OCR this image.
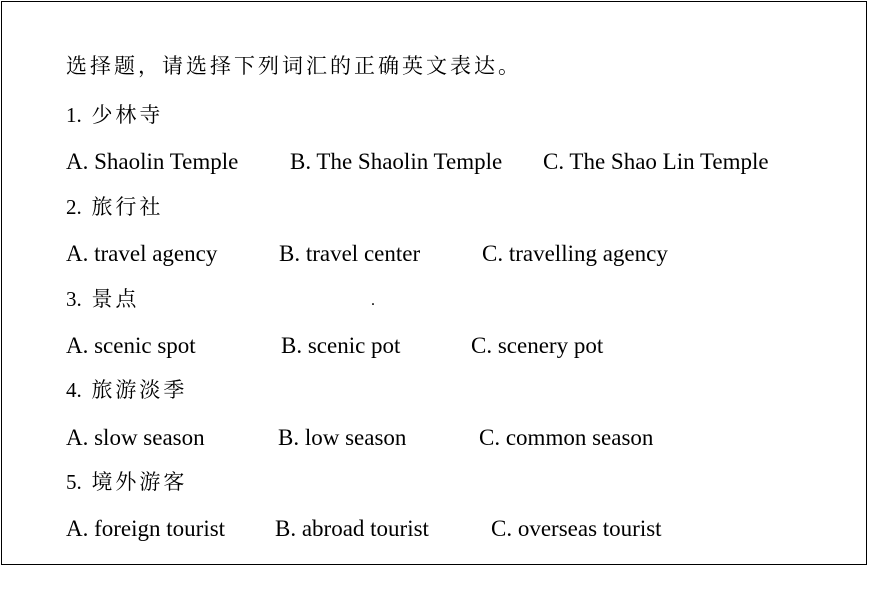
选择题，请选择下列词汇的正确英文表达。
1. 少林寺

A. Shaolin Temple

B. The Shaolin Temple

C. The Shao Lin Temple

2. 旅行社

A. travel agency

	B. travel center

	C. travelling agency

3. 景点	.

A. scenic spot

	B. scenic pot

	C. scenery pot

4. 旅游淡季

A. slow season

	B. low season

	C. common season

5. 境外游客

A. foreign tourist

B. abroad tourist

	C. overseas tourist
